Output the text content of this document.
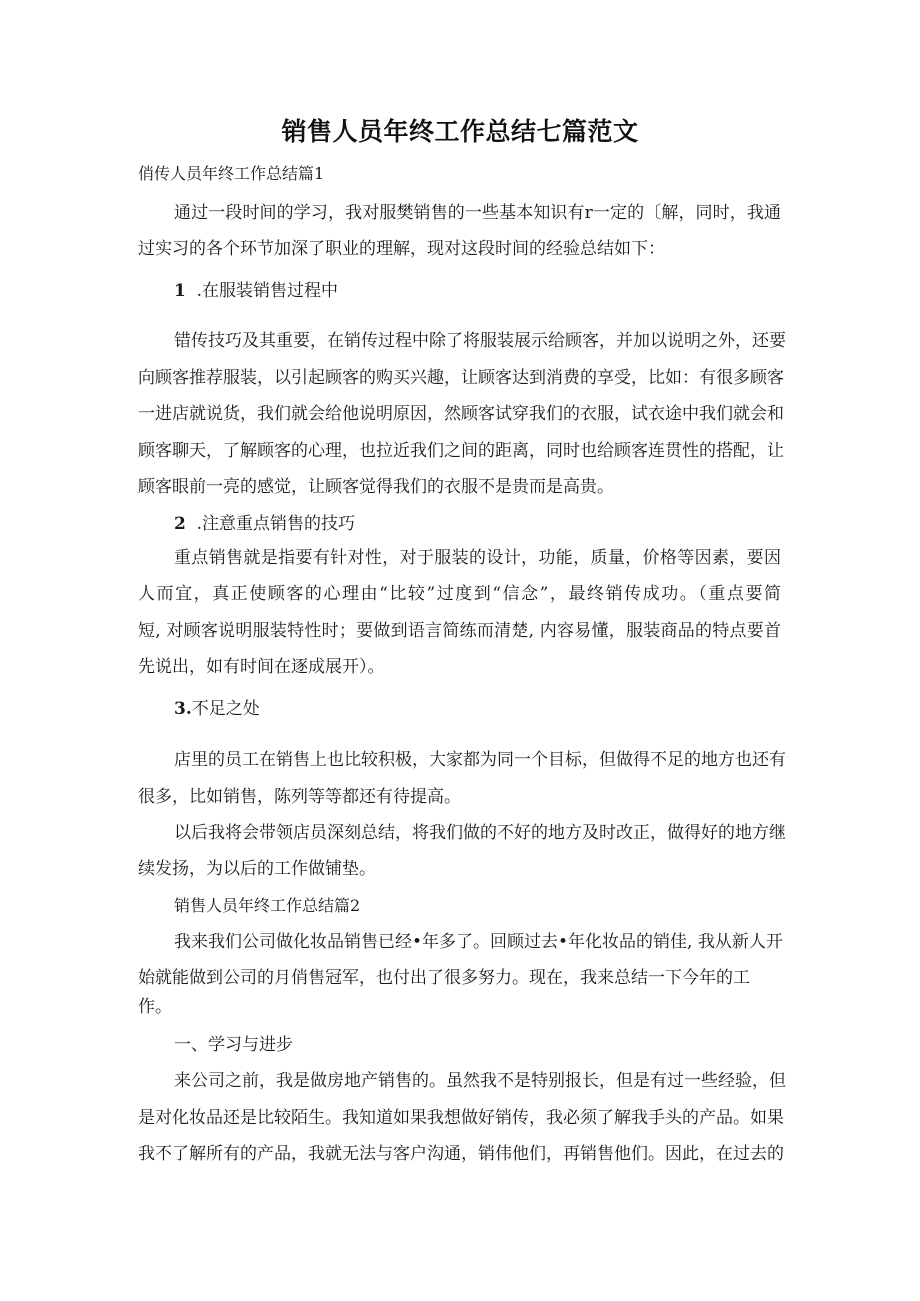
销售人员年终工作总结七篇范文
俏传人员年终工作总结篇1
通过一段时间的学习，我对服樊销售的一些基本知识有r一定的〔解，同时，我通
过实习的各个环节加深了职业的理解，现对这段时间的经验总结如下：
1 .在服装销售过程中
错传技巧及其重要，在销传过程中除了将服装展示给顾客，并加以说明之外，还要
向顾客推荐服装，以引起顾客的购买兴趣，让顾客达到消费的享受，比如：有很多顾客
一进店就说货，我们就会给他说明原因，然顾客试穿我们的衣服，试衣途中我们就会和
顾客聊天，了解顾客的心理，也拉近我们之间的距离，同时也给顾客连贯性的搭配，让
顾客眼前一亮的感觉，让顾客觉得我们的衣服不是贵而是高贵。
2 .注意重点销售的技巧
重点销售就是指要有针对性，对于服装的设计，功能，质量，价格等因素，要因
人而宜，真正使顾客的心理由“比较”过度到“信念”，最终销传成功。（重点要简
短, 对顾客说明服装特性时；要做到语言简练而清楚, 内容易懂，服装商品的特点要首
先说出，如有时间在逐成展开）。
3.不足之处
店里的员工在销售上也比较积极，大家都为同一个目标，但做得不足的地方也还有
很多，比如销售，陈列等等都还有待提高。
以后我将会带领店员深刻总结，将我们做的不好的地方及时改正，做得好的地方继
续发扬，为以后的工作做铺垫。
销售人员年终工作总结篇2
我来我们公司做化妆品销售已经•年多了。回顾过去•年化妆品的销佳, 我从新人开
始就能做到公司的月俏售冠军，也付出了很多努力。现在，我来总结一下今年的工
作。
一、学习与进步
来公司之前，我是做房地产销售的。虽然我不是特别报长，但是有过一些经验，但
是对化妆品还是比较陌生。我知道如果我想做好销传，我必须了解我手头的产品。如果
我不了解所有的产品，我就无法与客户沟通，销伟他们，再销售他们。因此，在过去的
